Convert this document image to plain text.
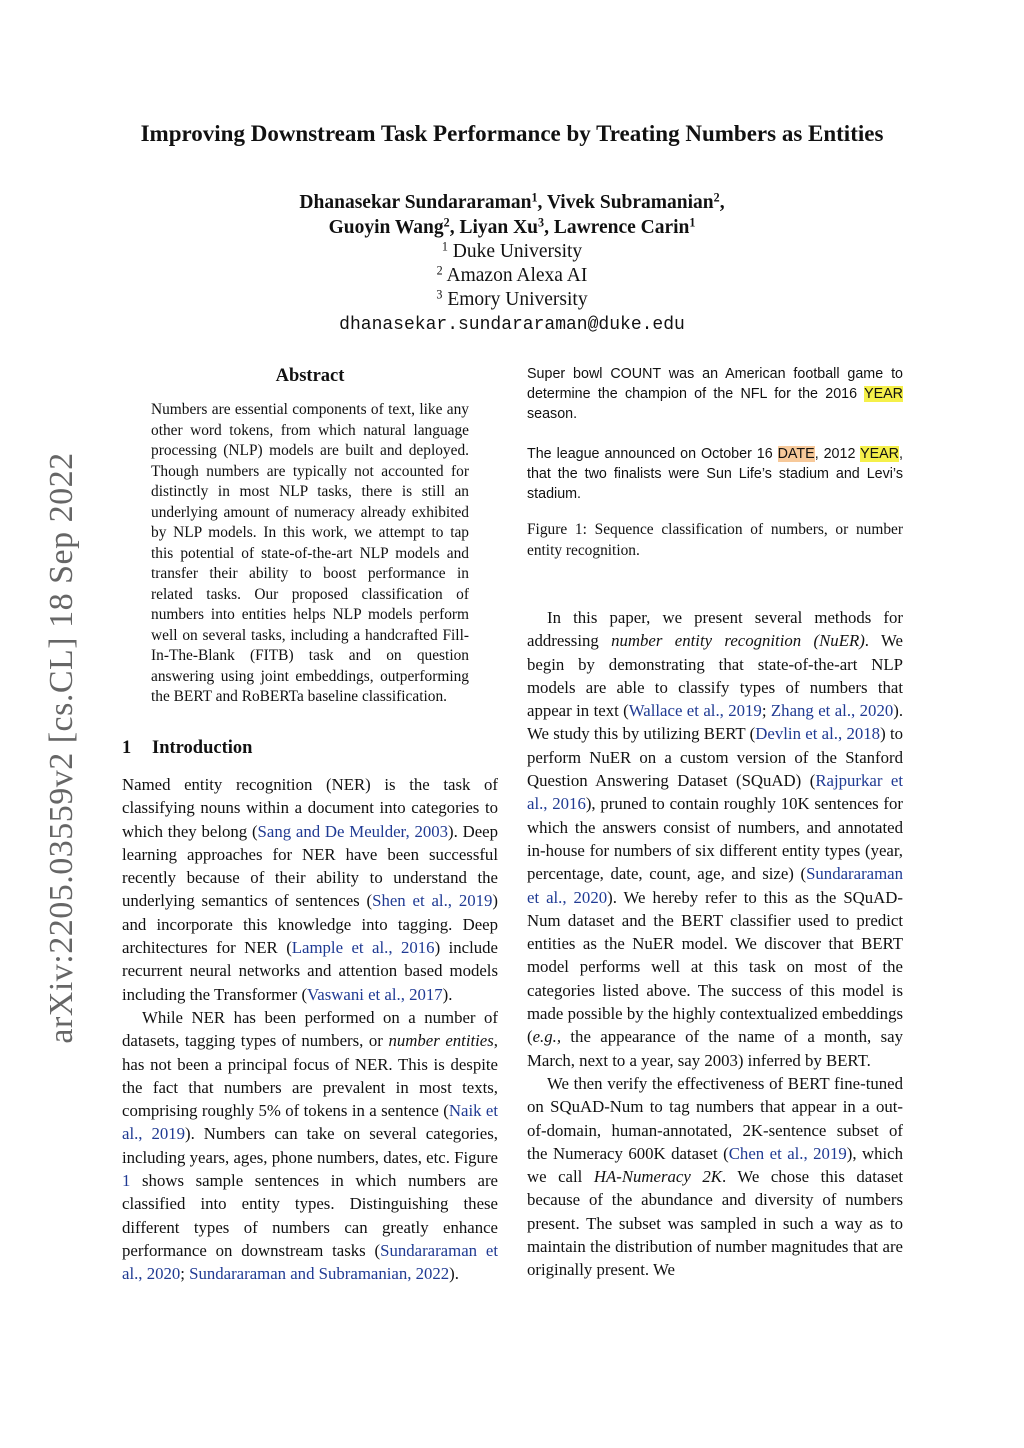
arXiv:2205.03559v2 [cs.CL] 18 Sep 2022
Improving Downstream Task Performance by Treating Numbers as Entities
Dhanasekar Sundararaman$^1$, Vivek Subramanian$^2$,
Guoyin Wang$^2$, Liyan Xu$^3$, Lawrence Carin$^1$
$^1$ Duke University
$^2$ Amazon Alexa AI
$^3$ Emory University
dhanasekar.sundararaman@duke.edu
Abstract
Numbers are essential components of text, like any other word tokens, from which natural language processing (NLP) models are built and deployed. Though numbers are typically not accounted for distinctly in most NLP tasks, there is still an underlying amount of numeracy already exhibited by NLP models. In this work, we attempt to tap this potential of state-of-the-art NLP models and transfer their ability to boost performance in related tasks. Our proposed classification of numbers into entities helps NLP models perform well on several tasks, including a handcrafted Fill-In-The-Blank (FITB) task and on question answering using joint embeddings, outperforming the BERT and RoBERTa baseline classification.
1 Introduction

Named entity recognition (NER) is the task of classifying nouns within a document into categories to which they belong (Sang and De Meulder, 2003). Deep learning approaches for NER have been successful recently because of their ability to understand the underlying semantics of sentences (Shen et al., 2019) and incorporate this knowledge into tagging. Deep architectures for NER (Lample et al., 2016) include recurrent neural networks and attention based models including the Transformer (Vaswani et al., 2017).

While NER has been performed on a number of datasets, tagging types of numbers, or number entities, has not been a principal focus of NER. This is despite the fact that numbers are prevalent in most texts, comprising roughly 5% of tokens in a sentence (Naik et al., 2019). Numbers can take on several categories, including years, ages, phone numbers, dates, etc. Figure 1 shows sample sentences in which numbers are classified into entity types. Distinguishing these different types of numbers can greatly enhance performance on downstream tasks (Sundararaman et al., 2020; Sundararaman and Subramanian, 2022).

Super bowl COUNT was an American football game to determine the champion of the NFL for the 2016 YEAR season.

The league announced on October 16 DATE, 2012 YEAR, that the two finalists were Sun Life’s stadium and Levi’s stadium.

Figure 1: Sequence classification of numbers, or number entity recognition.

In this paper, we present several methods for addressing number entity recognition (NuER). We begin by demonstrating that state-of-the-art NLP models are able to classify types of numbers that appear in text (Wallace et al., 2019; Zhang et al., 2020). We study this by utilizing BERT (Devlin et al., 2018) to perform NuER on a custom version of the Stanford Question Answering Dataset (SQuAD) (Rajpurkar et al., 2016), pruned to contain roughly 10K sentences for which the answers consist of numbers, and annotated in-house for numbers of six different entity types (year, percentage, date, count, age, and size) (Sundararaman et al., 2020). We hereby refer to this as the SQuAD-Num dataset and the BERT classifier used to predict entities as the NuER model. We discover that BERT model performs well at this task on most of the categories listed above. The success of this model is made possible by the highly contextualized embeddings (e.g., the appearance of the name of a month, say March, next to a year, say 2003) inferred by BERT.

We then verify the effectiveness of BERT fine-tuned on SQuAD-Num to tag numbers that appear in a out-of-domain, human-annotated, 2K-sentence subset of the Numeracy 600K dataset (Chen et al., 2019), which we call HA-Numeracy 2K. We chose this dataset because of the abundance and diversity of numbers present. The subset was sampled in such a way as to maintain the distribution of number magnitudes that are originally present. We
